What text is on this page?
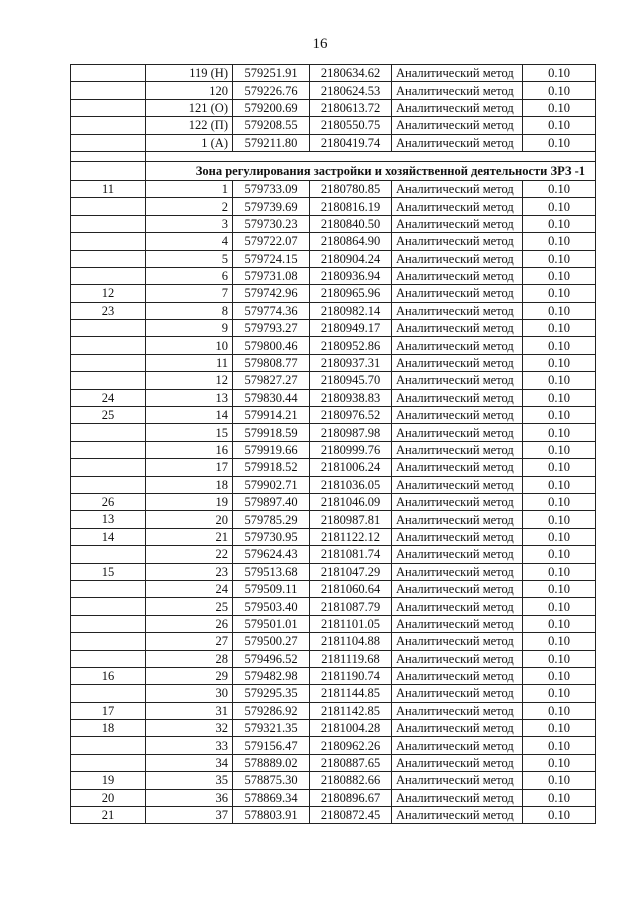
16
	119 (Н)	579251.91	2180634.62	Аналитический метод	0.10
	120	579226.76	2180624.53	Аналитический метод	0.10
	121 (О)	579200.69	2180613.72	Аналитический метод	0.10
	122 (П)	579208.55	2180550.75	Аналитический метод	0.10
	1 (А)	579211.80	2180419.74	Аналитический метод	0.10

	Зона регулирования застройки и хозяйственной деятельности ЗРЗ -1				
11	1	579733.09	2180780.85	Аналитический метод	0.10
	2	579739.69	2180816.19	Аналитический метод	0.10
	3	579730.23	2180840.50	Аналитический метод	0.10
	4	579722.07	2180864.90	Аналитический метод	0.10
	5	579724.15	2180904.24	Аналитический метод	0.10
	6	579731.08	2180936.94	Аналитический метод	0.10
12	7	579742.96	2180965.96	Аналитический метод	0.10
23	8	579774.36	2180982.14	Аналитический метод	0.10
	9	579793.27	2180949.17	Аналитический метод	0.10
	10	579800.46	2180952.86	Аналитический метод	0.10
	11	579808.77	2180937.31	Аналитический метод	0.10
	12	579827.27	2180945.70	Аналитический метод	0.10
24	13	579830.44	2180938.83	Аналитический метод	0.10
25	14	579914.21	2180976.52	Аналитический метод	0.10
	15	579918.59	2180987.98	Аналитический метод	0.10
	16	579919.66	2180999.76	Аналитический метод	0.10
	17	579918.52	2181006.24	Аналитический метод	0.10
	18	579902.71	2181036.05	Аналитический метод	0.10
26	19	579897.40	2181046.09	Аналитический метод	0.10
13	20	579785.29	2180987.81	Аналитический метод	0.10
14	21	579730.95	2181122.12	Аналитический метод	0.10
	22	579624.43	2181081.74	Аналитический метод	0.10
15	23	579513.68	2181047.29	Аналитический метод	0.10
	24	579509.11	2181060.64	Аналитический метод	0.10
	25	579503.40	2181087.79	Аналитический метод	0.10
	26	579501.01	2181101.05	Аналитический метод	0.10
	27	579500.27	2181104.88	Аналитический метод	0.10
	28	579496.52	2181119.68	Аналитический метод	0.10
16	29	579482.98	2181190.74	Аналитический метод	0.10
	30	579295.35	2181144.85	Аналитический метод	0.10
17	31	579286.92	2181142.85	Аналитический метод	0.10
18	32	579321.35	2181004.28	Аналитический метод	0.10
	33	579156.47	2180962.26	Аналитический метод	0.10
	34	578889.02	2180887.65	Аналитический метод	0.10
19	35	578875.30	2180882.66	Аналитический метод	0.10
20	36	578869.34	2180896.67	Аналитический метод	0.10
21	37	578803.91	2180872.45	Аналитический метод	0.10
